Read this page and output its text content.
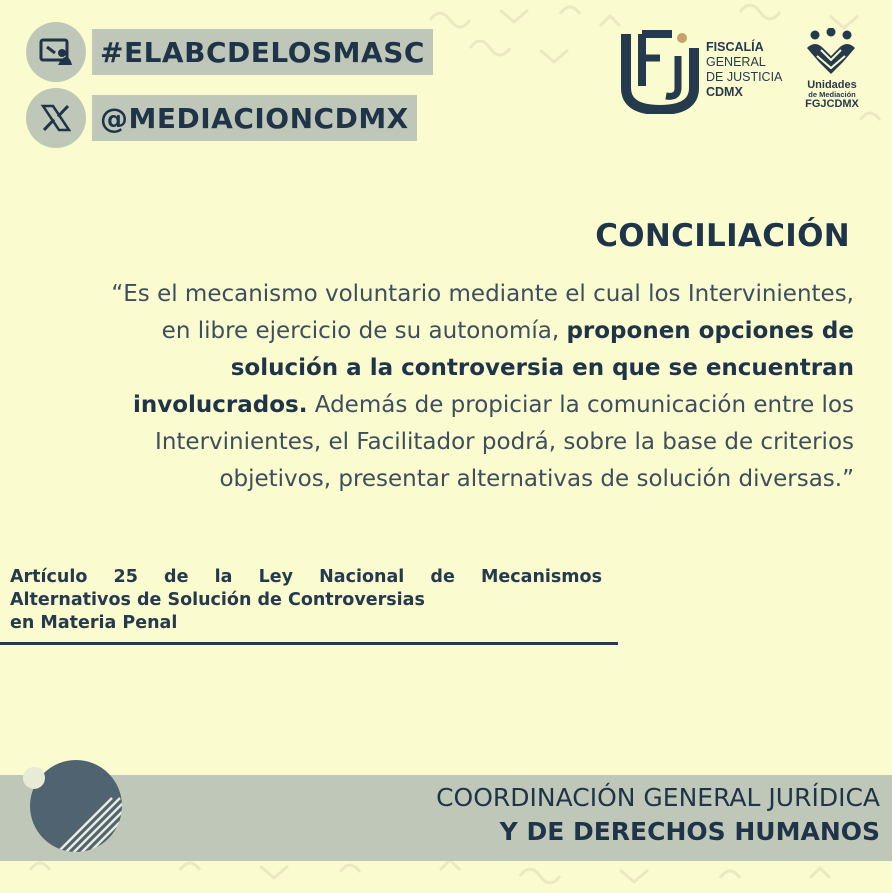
#ELABCDELOSMASC
@MEDIACIONCDMX
FISCALÍA
GENERAL
DE JUSTICIA
CDMX	Unidades
de Mediación
FGJCDMX
CONCILIACIÓN
“Es el mecanismo voluntario mediante el cual los Intervinientes, en libre ejercicio de su autonomía, proponen opciones de solución a la controversia en que se encuentran involucrados. Además de propiciar la comunicación entre los Intervinientes, el Facilitador podrá, sobre la base de criterios objetivos, presentar alternativas de solución diversas.”
Artículo 25 de la Ley Nacional de Mecanismos
Alternativos de Solución de Controversias
en Materia Penal
COORDINACIÓN GENERAL JURÍDICA
Y DE DERECHOS HUMANOS
